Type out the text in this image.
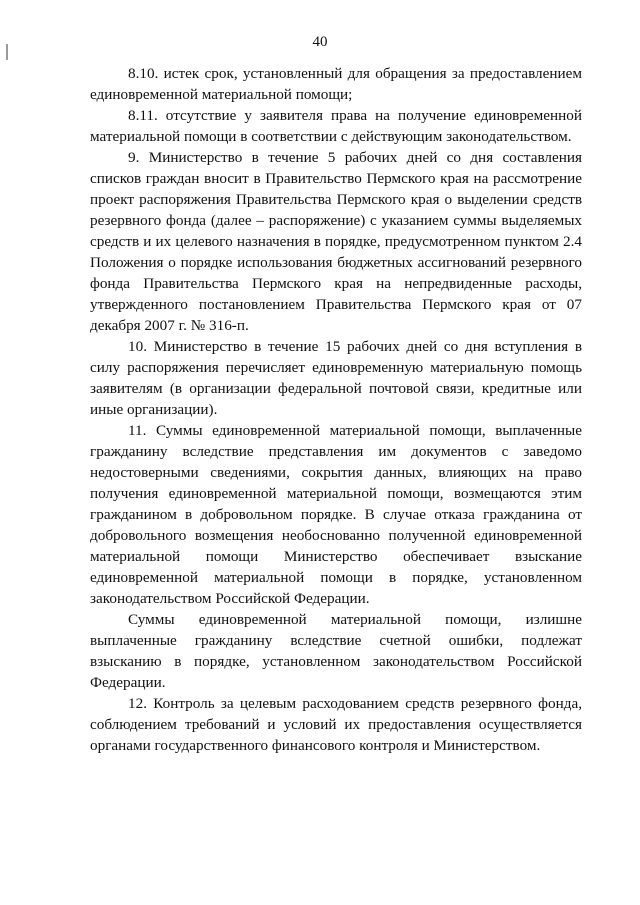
40

8.10. истек срок, установленный для обращения за предоставлением единовременной материальной помощи;

8.11. отсутствие у заявителя права на получение единовременной материальной помощи в соответствии с действующим законодательством.

9. Министерство в течение 5 рабочих дней со дня составления списков граждан вносит в Правительство Пермского края на рассмотрение проект распоряжения Правительства Пермского края о выделении средств резервного фонда (далее – распоряжение) с указанием суммы выделяемых средств и их целевого назначения в порядке, предусмотренном пунктом 2.4 Положения о порядке использования бюджетных ассигнований резервного фонда Правительства Пермского края на непредвиденные расходы, утвержденного постановлением Правительства Пермского края от 07 декабря 2007 г. № 316-п.

10. Министерство в течение 15 рабочих дней со дня вступления в силу распоряжения перечисляет единовременную материальную помощь заявителям (в организации федеральной почтовой связи, кредитные или иные организации).

11. Суммы единовременной материальной помощи, выплаченные гражданину вследствие представления им документов с заведомо недостоверными сведениями, сокрытия данных, влияющих на право получения единовременной материальной помощи, возмещаются этим гражданином в добровольном порядке. В случае отказа гражданина от добровольного возмещения необоснованно полученной единовременной материальной помощи Министерство обеспечивает взыскание единовременной материальной помощи в порядке, установленном законодательством Российской Федерации.

Суммы единовременной материальной помощи, излишне выплаченные гражданину вследствие счетной ошибки, подлежат взысканию в порядке, установленном законодательством Российской Федерации.

12. Контроль за целевым расходованием средств резервного фонда, соблюдением требований и условий их предоставления осуществляется органами государственного финансового контроля и Министерством.
